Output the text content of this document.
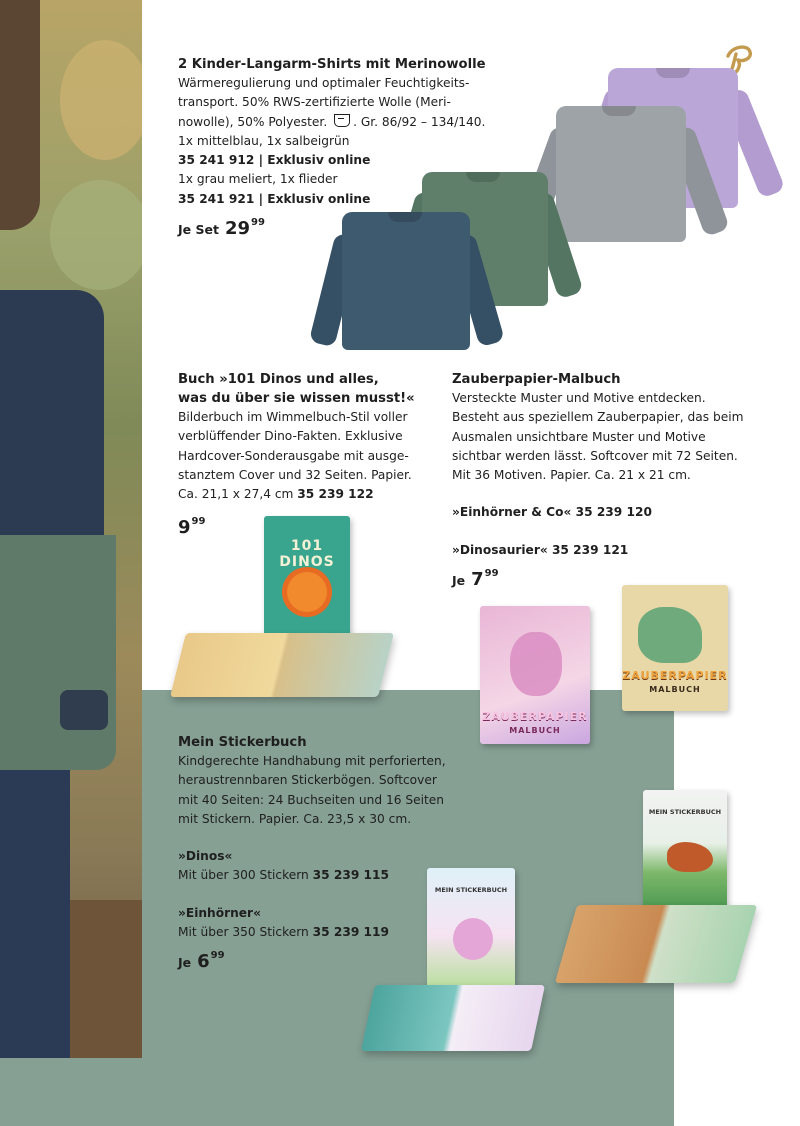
2 Kinder-Langarm-Shirts mit Merinowolle
Wärmeregulierung und optimaler Feuchtigkeits-
transport. 50% RWS-zertifizierte Wolle (Meri-
nowolle), 50% Polyester. . Gr. 86/92 – 134/140.
1x mittelblau, 1x salbeigrün
35 241 912 | Exklusiv online
1x grau meliert, 1x flieder
35 241 921 | Exklusiv online
Je Set $29^{99}$
Buch »101 Dinos und alles,
was du über sie wissen musst!«
Bilderbuch im Wimmelbuch-Stil voller
verblüffender Dino-Fakten. Exklusive
Hardcover-Sonderausgabe mit ausge-
stanztem Cover und 32 Seiten. Papier.
Ca. 21,1 x 27,4 cm 35 239 122
$9^{99}$
101 DINOS
Zauberpapier-Malbuch
Versteckte Muster und Motive entdecken.
Besteht aus speziellem Zauberpapier, das beim
Ausmalen unsichtbare Muster und Motive
sichtbar werden lässt. Softcover mit 72 Seiten.
Mit 36 Motiven. Papier. Ca. 21 x 21 cm.
»Einhörner & Co« 35 239 120
»Dinosaurier« 35 239 121
Je $7^{99}$
ZAUBERPAPIER
MALBUCH
ZAUBERPAPIER
MALBUCH
Mein Stickerbuch
Kindgerechte Handhabung mit perforierten,
heraustrennbaren Stickerbögen. Softcover
mit 40 Seiten: 24 Buchseiten und 16 Seiten
mit Stickern. Papier. Ca. 23,5 x 30 cm.
»Dinos«
Mit über 300 Stickern 35 239 115
»Einhörner«
Mit über 350 Stickern 35 239 119
Je $6^{99}$
MEIN STICKERBUCH
MEIN STICKERBUCH
